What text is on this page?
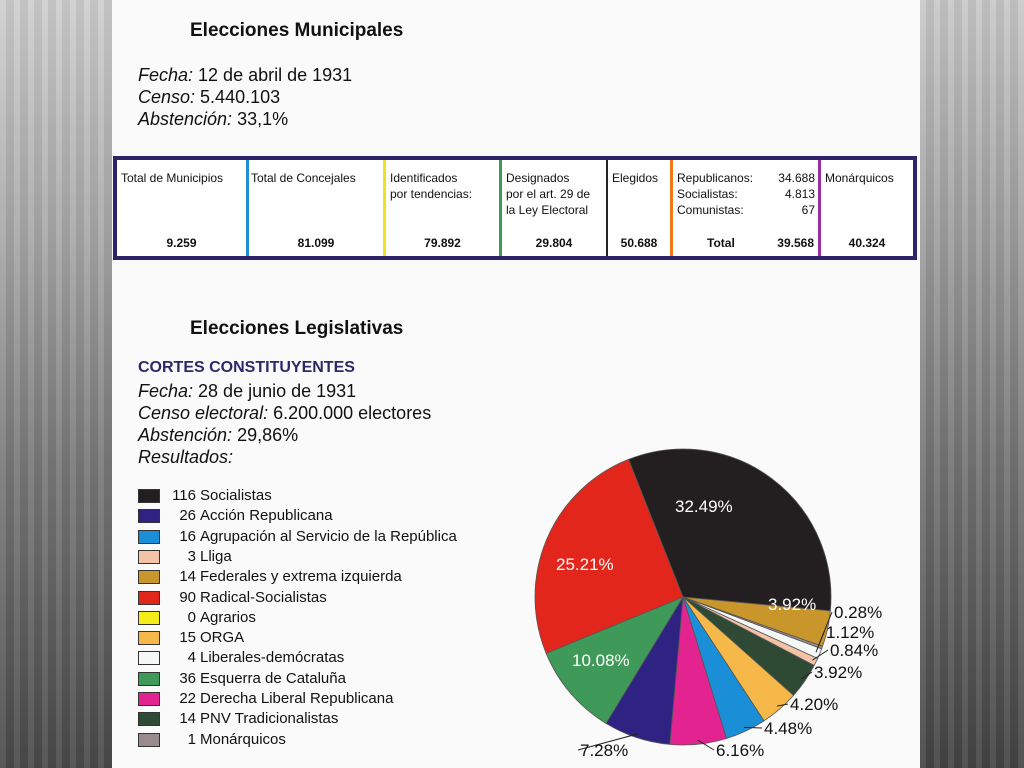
Elecciones Municipales
Fecha: 12 de abril de 1931
Censo: 5.440.103
Abstención: 33,1%
Total de Municipios
9.259
Total de Concejales
81.099
Identificados
por tendencias:
79.892
Designados
por el art. 29 de
la Ley Electoral
29.804
Elegidos
50.688
Republicanos: 34.688
Socialistas:	4.813
Comunistas:	67
Total	39.568
Monárquicos
40.324
Elecciones Legislativas
CORTES CONSTITUYENTES
Fecha: 28 de junio de 1931
Censo electoral: 6.200.000 electores
Abstención: 29,86%
Resultados:
116 Socialistas
26 Acción Republicana
16 Agrupación al Servicio de la República
3 Lliga
14 Federales y extrema izquierda
90 Radical-Socialistas
0 Agrarios
15 ORGA
4 Liberales-demócratas
36 Esquerra de Cataluña
22 Derecha Liberal Republicana
14 PNV Tradicionalistas
1 Monárquicos
32.49%
3.92% 0.28%
1.12%
0.84%
3.92%
4.20%
4.48%
6.16%
7.28%
10.08%
25.21%
